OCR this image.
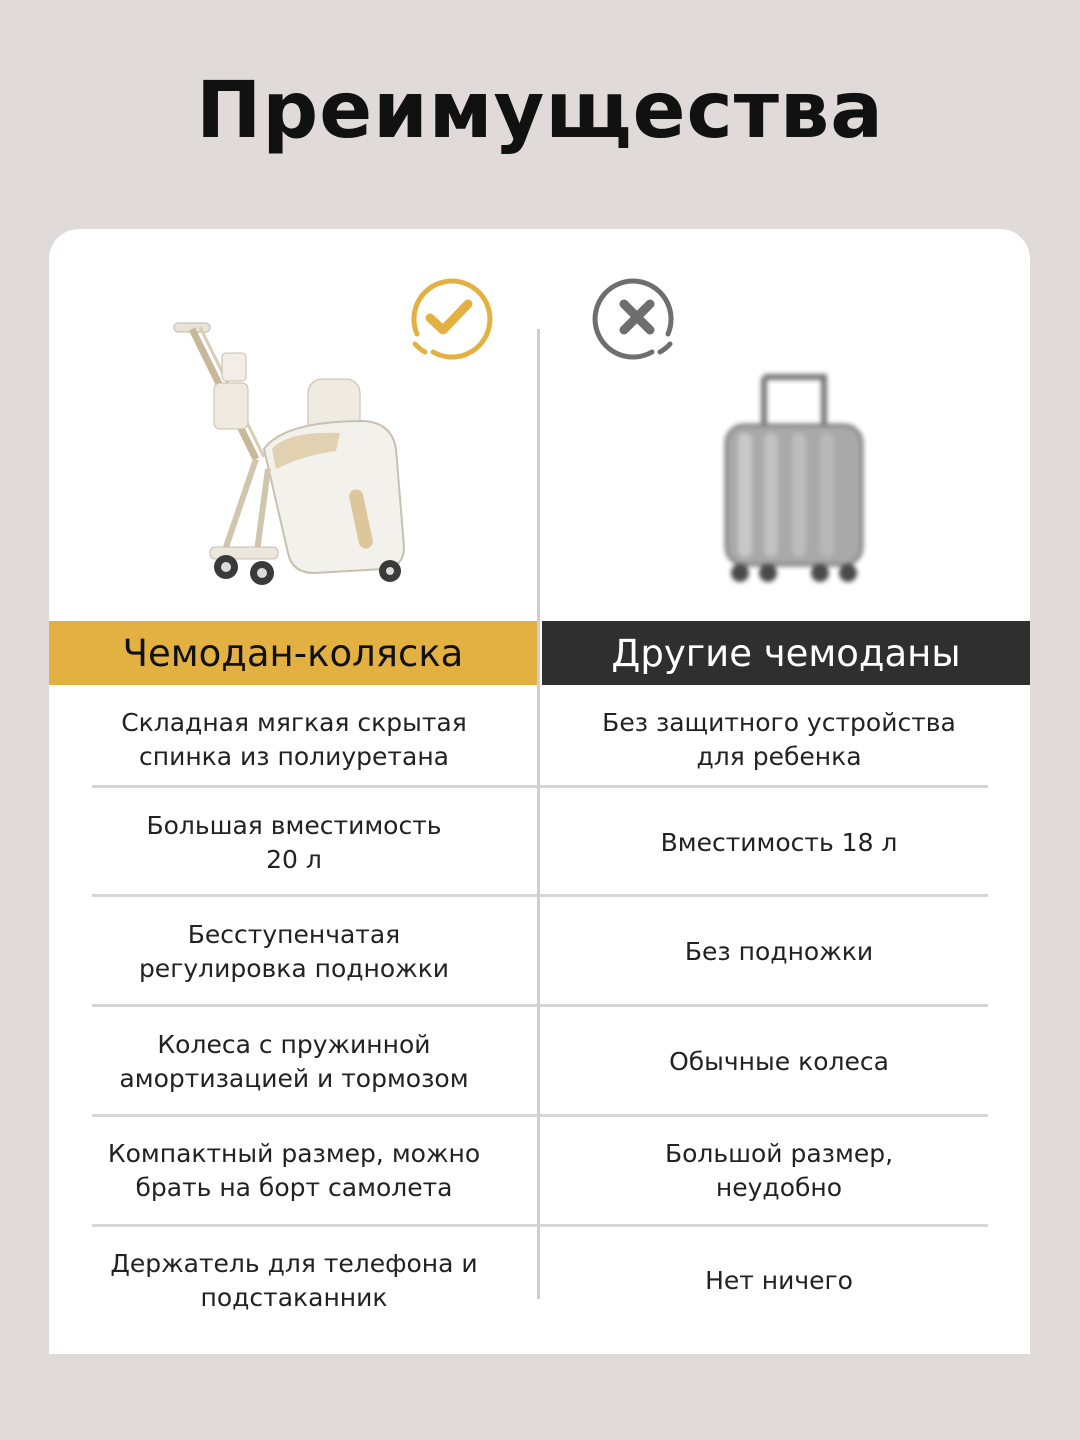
Преимущества
Чемодан-коляска	Другие чемоданы
Складная мягкая скрытая
спинка из полиуретана
Без защитного устройства
для ребенка
Большая вместимость
20 л
Вместимость 18 л
Бесступенчатая
регулировка подножки
Без подножки
Колеса с пружинной
амортизацией и тормозом
Обычные колеса
Компактный размер, можно
брать на борт самолета
Большой размер,
неудобно
Держатель для телефона и
подстаканник
Нет ничего
